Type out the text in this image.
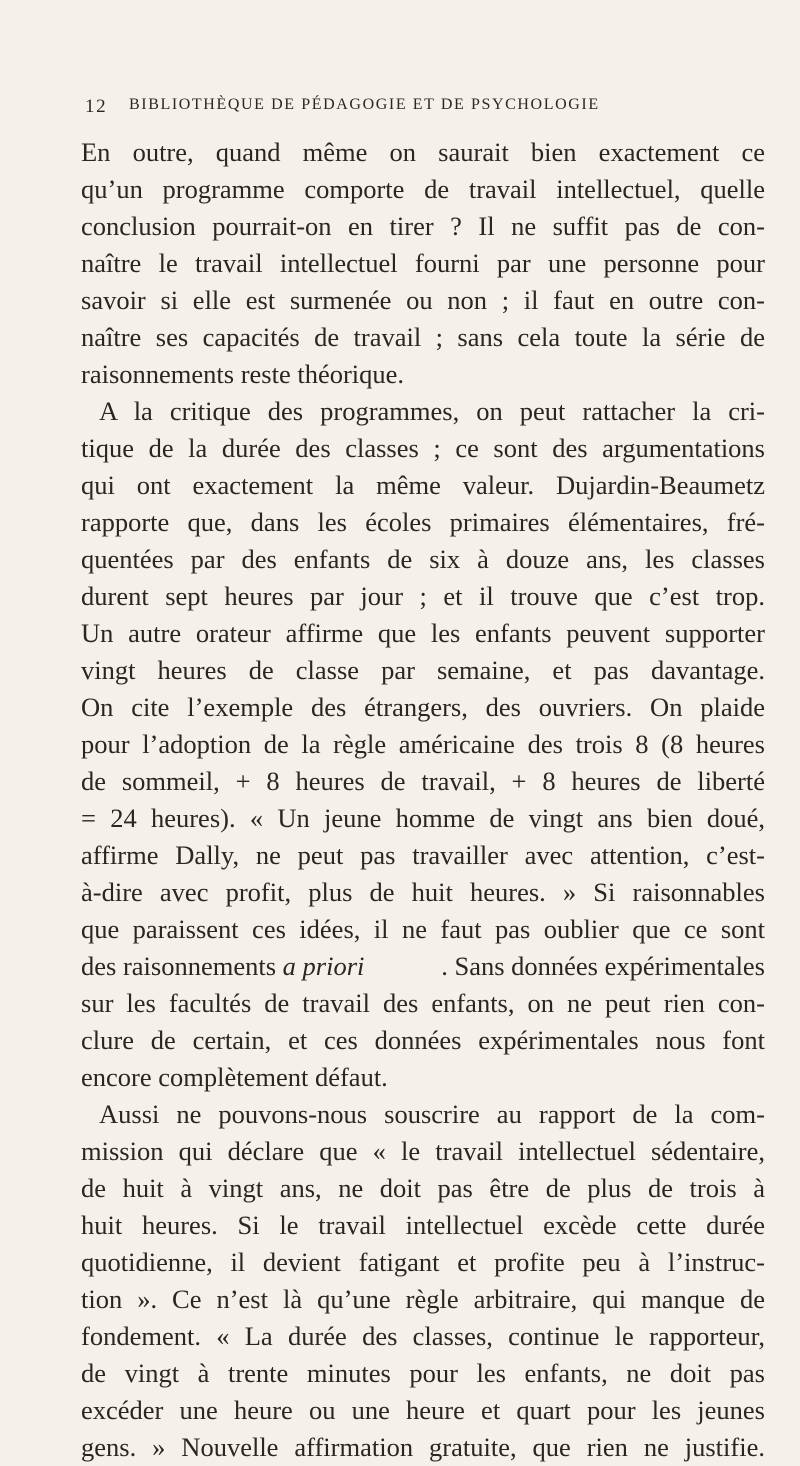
12	BIBLIOTHÈQUE DE PÉDAGOGIE ET DE PSYCHOLOGIE
En outre, quand même on saurait bien exactement ce
qu’un programme comporte de travail intellectuel, quelle
conclusion pourrait-on en tirer ? Il ne suffit pas de con-
naître le travail intellectuel fourni par une personne pour
savoir si elle est surmenée ou non ; il faut en outre con-
naître ses capacités de travail ; sans cela toute la série de
raisonnements reste théorique.
A la critique des programmes, on peut rattacher la cri-
tique de la durée des classes ; ce sont des argumentations
qui ont exactement la même valeur. Dujardin-Beaumetz
rapporte que, dans les écoles primaires élémentaires, fré-
quentées par des enfants de six à douze ans, les classes
durent sept heures par jour ; et il trouve que c’est trop.
Un autre orateur affirme que les enfants peuvent supporter
vingt heures de classe par semaine, et pas davantage.
On cite l’exemple des étrangers, des ouvriers. On plaide
pour l’adoption de la règle américaine des trois 8 (8 heures
de sommeil, + 8 heures de travail, + 8 heures de liberté
= 24 heures). « Un jeune homme de vingt ans bien doué,
affirme Dally, ne peut pas travailler avec attention, c’est-
à-dire avec profit, plus de huit heures. » Si raisonnables
que paraissent ces idées, il ne faut pas oublier que ce sont
des raisonnements a priori	. Sans données expérimentales
sur les facultés de travail des enfants, on ne peut rien con-
clure de certain, et ces données expérimentales nous font
encore complètement défaut.
Aussi ne pouvons-nous souscrire au rapport de la com-
mission qui déclare que « le travail intellectuel sédentaire,
de huit à vingt ans, ne doit pas être de plus de trois à
huit heures. Si le travail intellectuel excède cette durée
quotidienne, il devient fatigant et profite peu à l’instruc-
tion ». Ce n’est là qu’une règle arbitraire, qui manque de
fondement. « La durée des classes, continue le rapporteur,
de vingt à trente minutes pour les enfants, ne doit pas
excéder une heure ou une heure et quart pour les jeunes
gens. » Nouvelle affirmation gratuite, que rien ne justifie.
